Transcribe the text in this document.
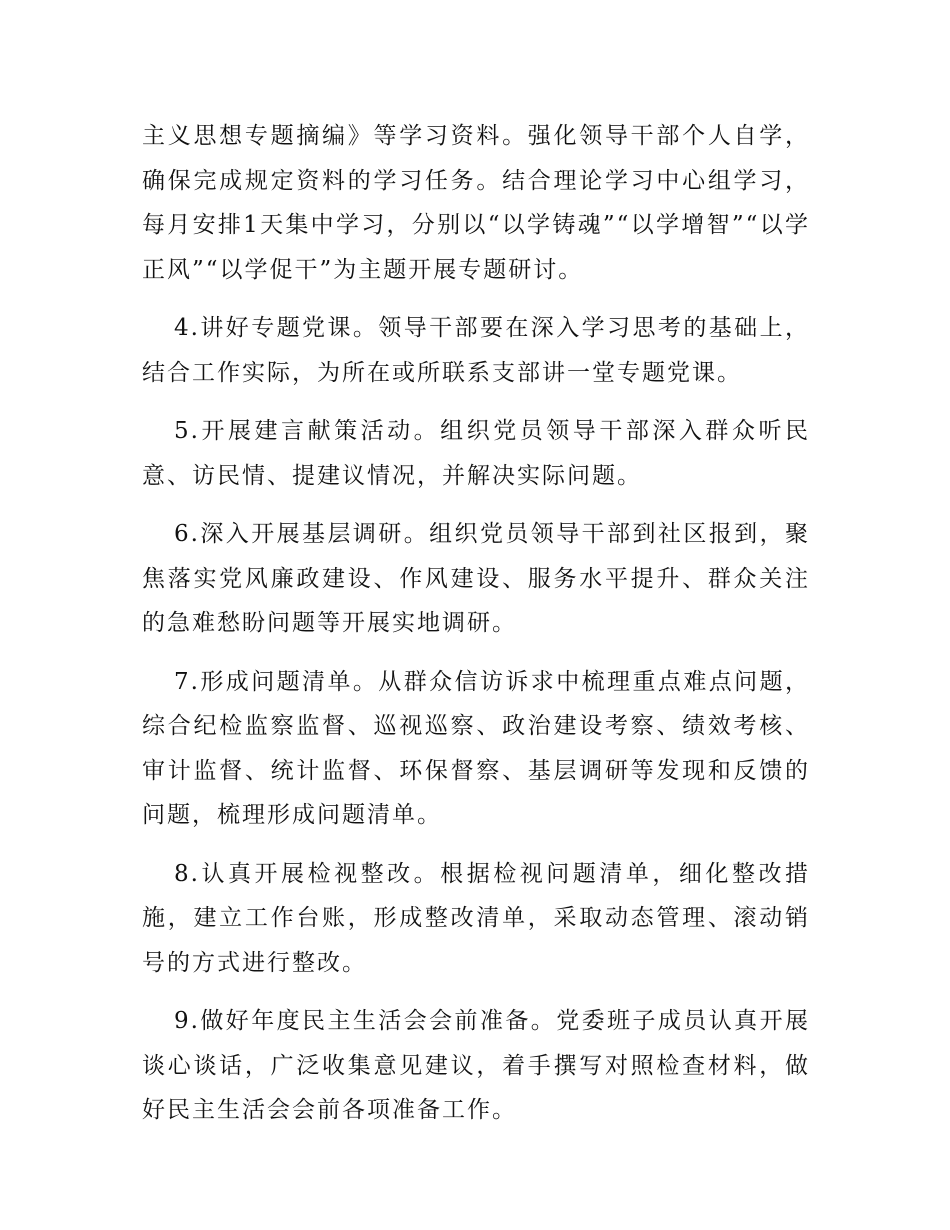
主义思想专题摘编》等学习资料。强化领导干部个人自学，确保完成规定资料的学习任务。结合理论学习中心组学习，每月安排1天集中学习，分别以“以学铸魂”“以学增智”“以学正风”“以学促干”为主题开展专题研讨。

4.讲好专题党课。领导干部要在深入学习思考的基础上，结合工作实际，为所在或所联系支部讲一堂专题党课。

5.开展建言献策活动。组织党员领导干部深入群众听民意、访民情、提建议情况，并解决实际问题。

6.深入开展基层调研。组织党员领导干部到社区报到，聚焦落实党风廉政建设、作风建设、服务水平提升、群众关注的急难愁盼问题等开展实地调研。

7.形成问题清单。从群众信访诉求中梳理重点难点问题，综合纪检监察监督、巡视巡察、政治建设考察、绩效考核、审计监督、统计监督、环保督察、基层调研等发现和反馈的问题，梳理形成问题清单。

8.认真开展检视整改。根据检视问题清单，细化整改措施，建立工作台账，形成整改清单，采取动态管理、滚动销号的方式进行整改。

9.做好年度民主生活会会前准备。党委班子成员认真开展谈心谈话，广泛收集意见建议，着手撰写对照检查材料，做好民主生活会会前各项准备工作。
